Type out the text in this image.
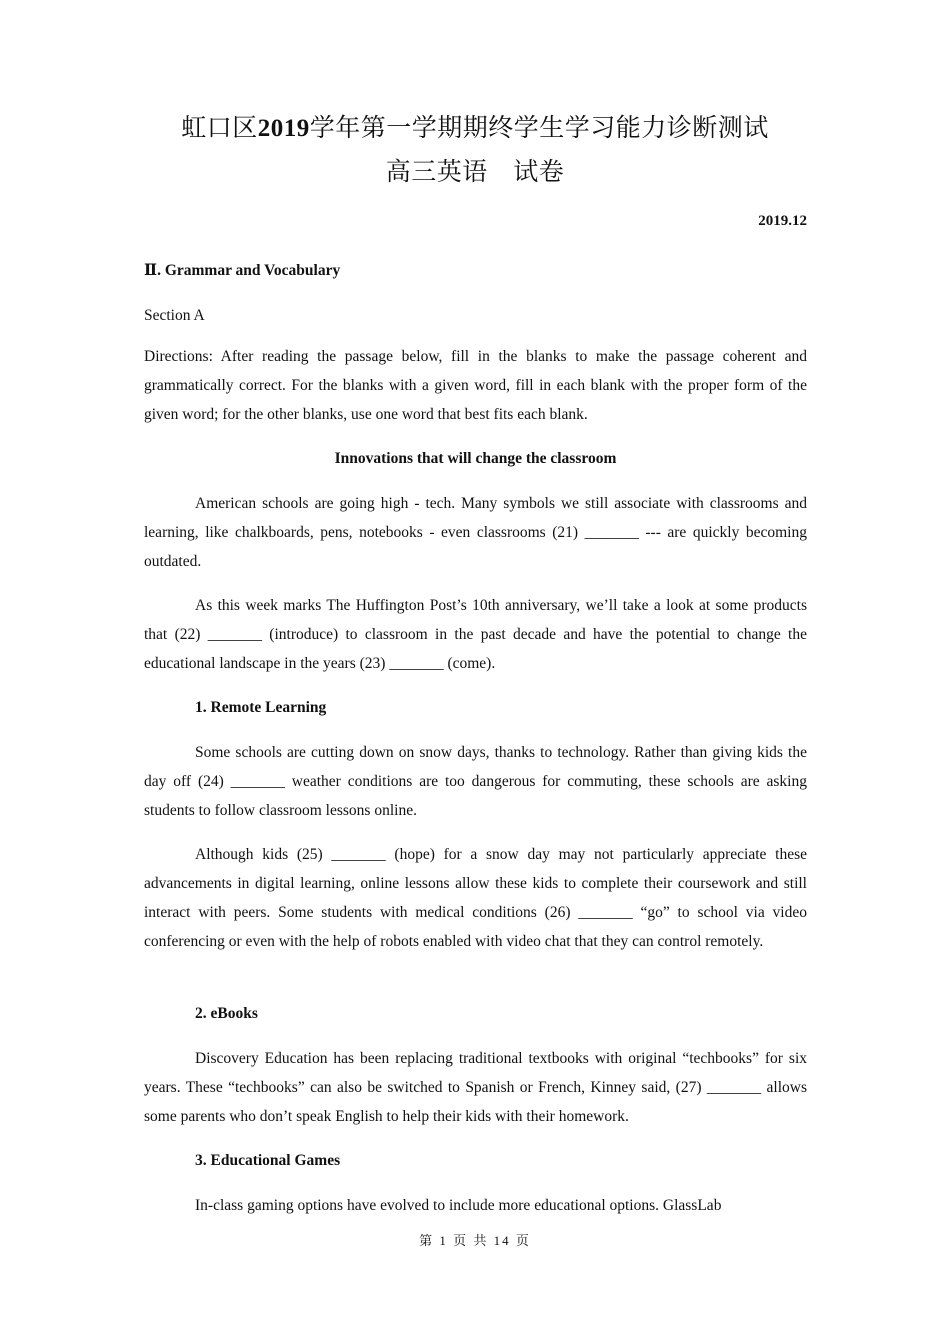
虹口区2019学年第一学期期终学生学习能力诊断测试
高三英语　试卷
2019.12
Ⅱ. Grammar and Vocabulary
Section A
Directions: After reading the passage below, fill in the blanks to make the passage coherent and grammatically correct. For the blanks with a given word, fill in each blank with the proper form of the given word; for the other blanks, use one word that best fits each blank.
Innovations that will change the classroom
American schools are going high - tech. Many symbols we still associate with classrooms and learning, like chalkboards, pens, notebooks - even classrooms (21) _______ --- are quickly becoming outdated.
As this week marks The Huffington Post’s 10th anniversary, we’ll take a look at some products that (22) _______ (introduce) to classroom in the past decade and have the potential to change the educational landscape in the years (23) _______ (come).
1. Remote Learning
Some schools are cutting down on snow days, thanks to technology. Rather than giving kids the day off (24) _______ weather conditions are too dangerous for commuting, these schools are asking students to follow classroom lessons online.
Although kids (25) _______ (hope) for a snow day may not particularly appreciate these advancements in digital learning, online lessons allow these kids to complete their coursework and still interact with peers. Some students with medical conditions (26) _______ “go” to school via video conferencing or even with the help of robots enabled with video chat that they can control remotely.
2. eBooks
Discovery Education has been replacing traditional textbooks with original “techbooks” for six years. These “techbooks” can also be switched to Spanish or French, Kinney said, (27) _______ allows some parents who don’t speak English to help their kids with their homework.
3. Educational Games
In-class gaming options have evolved to include more educational options. GlassLab
第 1 页 共 14 页
